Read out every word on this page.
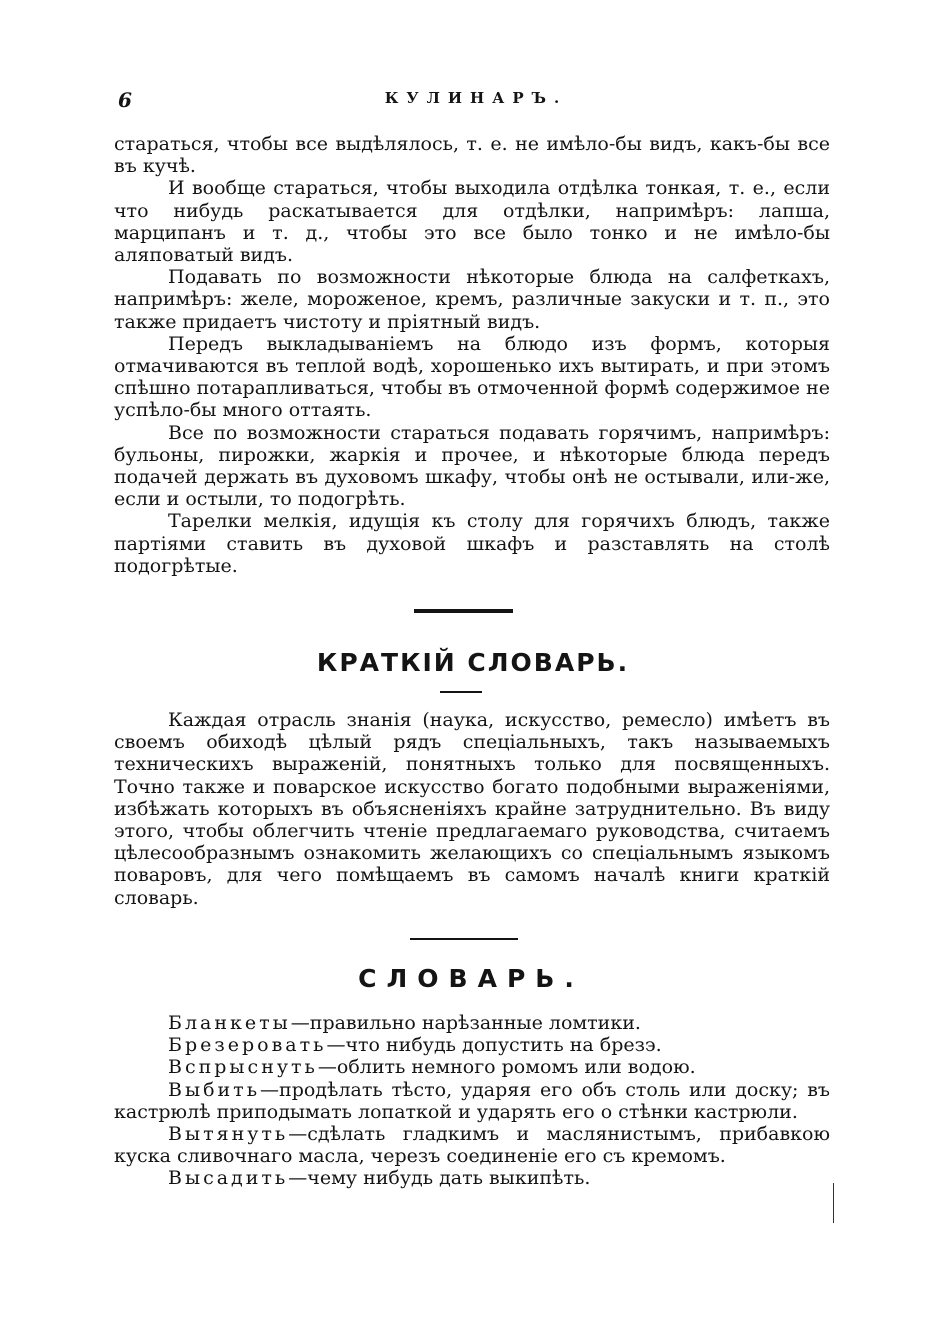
6	КУЛИНАРЪ.

стараться, чтобы все выдѣлялось, т. е. не имѣло-бы видъ, какъ-бы все въ кучѣ.

И вообще стараться, чтобы выходила отдѣлка тонкая, т. е., если что нибудь раскатывается для отдѣлки, напримѣръ: лапша, марципанъ и т. д., чтобы это все было тонко и не имѣло-бы аляповатый видъ.

Подавать по возможности нѣкоторые блюда на салфеткахъ, напримѣръ: желе, мороженое, кремъ, различные закуски и т. п., это также придаетъ чистоту и пріятный видъ.

Передъ выкладываніемъ на блюдо изъ формъ, которыя отмачиваются въ теплой водѣ, хорошенько ихъ вытирать, и при этомъ спѣшно потарапливаться, чтобы въ отмоченной формѣ содержимое не успѣло-бы много оттаять.

Все по возможности стараться подавать горячимъ, напримѣръ: бульоны, пирожки, жаркія и прочее, и нѣкоторые блюда передъ подачей держать въ духовомъ шкафу, чтобы онѣ не остывали, или-же, если и остыли, то подогрѣть.

Тарелки мелкія, идущія къ столу для горячихъ блюдъ, также партіями ставить въ духовой шкафъ и разставлять на столѣ подогрѣтые.

КРАТКІЙ СЛОВАРЬ.

Каждая отрасль знанія (наука, искусство, ремесло) имѣетъ въ своемъ обиходѣ цѣлый рядъ спеціальныхъ, такъ называемыхъ техническихъ выраженій, понятныхъ только для посвященныхъ. Точно также и поварское искусство богато подобными выраженіями, избѣжать которыхъ въ объясненіяхъ крайне затруднительно. Въ виду этого, чтобы облегчить чтеніе предлагаемаго руководства, считаемъ цѣлесообразнымъ ознакомить желающихъ со спеціальнымъ языкомъ поваровъ, для чего помѣщаемъ въ самомъ началѣ книги краткій словарь.

СЛОВАРЬ.

Бланкеты—правильно нарѣзанные ломтики.

Брезеровать—что нибудь допустить на брезэ.

Вспрыснуть—облить немного ромомъ или водою.

Выбить—продѣлать тѣсто, ударяя его объ столь или доску; въ кастрюлѣ приподымать лопаткой и ударять его о стѣнки кастрюли.

Вытянуть—сдѣлать гладкимъ и маслянистымъ, прибавкою куска сливочнаго масла, черезъ соединеніе его съ кремомъ.

Высадить—чему нибудь дать выкипѣть.
